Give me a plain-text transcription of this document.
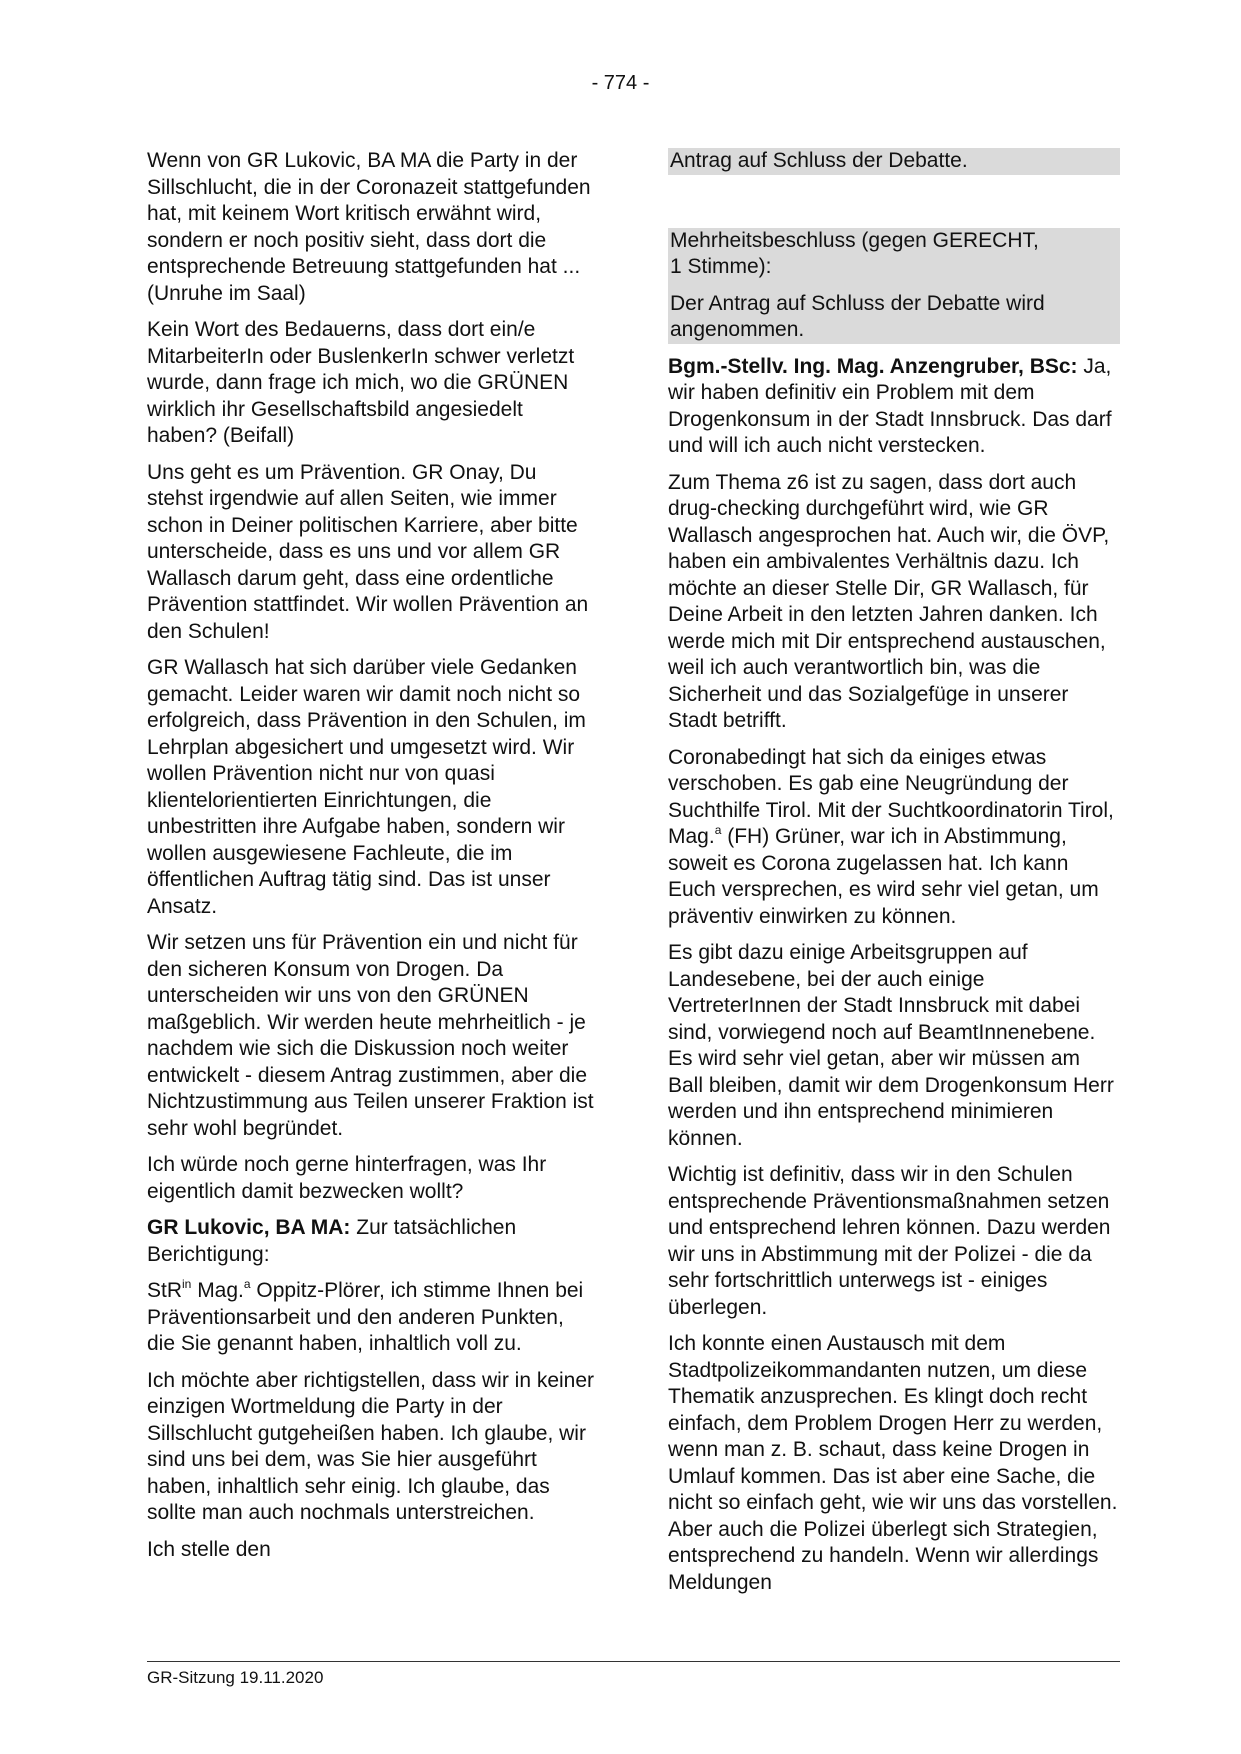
- 774 -

Wenn von GR Lukovic, BA MA die Party in der Sillschlucht, die in der Coronazeit stattgefunden hat, mit keinem Wort kritisch erwähnt wird, sondern er noch positiv sieht, dass dort die entsprechende Betreuung stattgefunden hat ... (Unruhe im Saal)

Kein Wort des Bedauerns, dass dort ein/e MitarbeiterIn oder BuslenkerIn schwer verletzt wurde, dann frage ich mich, wo die GRÜNEN wirklich ihr Gesellschaftsbild angesiedelt haben? (Beifall)

Uns geht es um Prävention. GR Onay, Du stehst irgendwie auf allen Seiten, wie immer schon in Deiner politischen Karriere, aber bitte unterscheide, dass es uns und vor allem GR Wallasch darum geht, dass eine ordentliche Prävention stattfindet. Wir wollen Prävention an den Schulen!

GR Wallasch hat sich darüber viele Gedanken gemacht. Leider waren wir damit noch nicht so erfolgreich, dass Prävention in den Schulen, im Lehrplan abgesichert und umgesetzt wird. Wir wollen Prävention nicht nur von quasi klientelorientierten Einrichtungen, die unbestritten ihre Aufgabe haben, sondern wir wollen ausgewiesene Fachleute, die im öffentlichen Auftrag tätig sind. Das ist unser Ansatz.

Wir setzen uns für Prävention ein und nicht für den sicheren Konsum von Drogen. Da unterscheiden wir uns von den GRÜNEN maßgeblich. Wir werden heute mehrheitlich - je nachdem wie sich die Diskussion noch weiter entwickelt - diesem Antrag zustimmen, aber die Nichtzustimmung aus Teilen unserer Fraktion ist sehr wohl begründet.

Ich würde noch gerne hinterfragen, was Ihr eigentlich damit bezwecken wollt?

GR Lukovic, BA MA: Zur tatsächlichen Berichtigung:

StR$^{in}$ Mag.$^a$ Oppitz-Plörer, ich stimme Ihnen bei Präventionsarbeit und den anderen Punkten, die Sie genannt haben, inhaltlich voll zu.

Ich möchte aber richtigstellen, dass wir in keiner einzigen Wortmeldung die Party in der Sillschlucht gutgeheißen haben. Ich glaube, wir sind uns bei dem, was Sie hier ausgeführt haben, inhaltlich sehr einig. Ich glaube, das sollte man auch nochmals unterstreichen.

Ich stelle den

Antrag auf Schluss der Debatte.
Mehrheitsbeschluss (gegen GERECHT,
1 Stimme):
Der Antrag auf Schluss der Debatte wird angenommen.

Bgm.-Stellv. Ing. Mag. Anzengruber, BSc: Ja, wir haben definitiv ein Problem mit dem Drogenkonsum in der Stadt Innsbruck. Das darf und will ich auch nicht verstecken.

Zum Thema z6 ist zu sagen, dass dort auch drug-checking durchgeführt wird, wie GR Wallasch angesprochen hat. Auch wir, die ÖVP, haben ein ambivalentes Verhältnis dazu. Ich möchte an dieser Stelle Dir, GR Wallasch, für Deine Arbeit in den letzten Jahren danken. Ich werde mich mit Dir entsprechend austauschen, weil ich auch verantwortlich bin, was die Sicherheit und das Sozialgefüge in unserer Stadt betrifft.

Coronabedingt hat sich da einiges etwas verschoben. Es gab eine Neugründung der Suchthilfe Tirol. Mit der Suchtkoordinatorin Tirol, Mag.$^a$ (FH) Grüner, war ich in Abstimmung, soweit es Corona zugelassen hat. Ich kann Euch versprechen, es wird sehr viel getan, um präventiv einwirken zu können.

Es gibt dazu einige Arbeitsgruppen auf Landesebene, bei der auch einige VertreterInnen der Stadt Innsbruck mit dabei sind, vorwiegend noch auf BeamtInnenebene. Es wird sehr viel getan, aber wir müssen am Ball bleiben, damit wir dem Drogenkonsum Herr werden und ihn entsprechend minimieren können.

Wichtig ist definitiv, dass wir in den Schulen entsprechende Präventionsmaßnahmen setzen und entsprechend lehren können. Dazu werden wir uns in Abstimmung mit der Polizei - die da sehr fortschrittlich unterwegs ist - einiges überlegen.

Ich konnte einen Austausch mit dem Stadtpolizeikommandanten nutzen, um diese Thematik anzusprechen. Es klingt doch recht einfach, dem Problem Drogen Herr zu werden, wenn man z. B. schaut, dass keine Drogen in Umlauf kommen. Das ist aber eine Sache, die nicht so einfach geht, wie wir uns das vorstellen. Aber auch die Polizei überlegt sich Strategien, entsprechend zu handeln. Wenn wir allerdings Meldungen

GR-Sitzung 19.11.2020
